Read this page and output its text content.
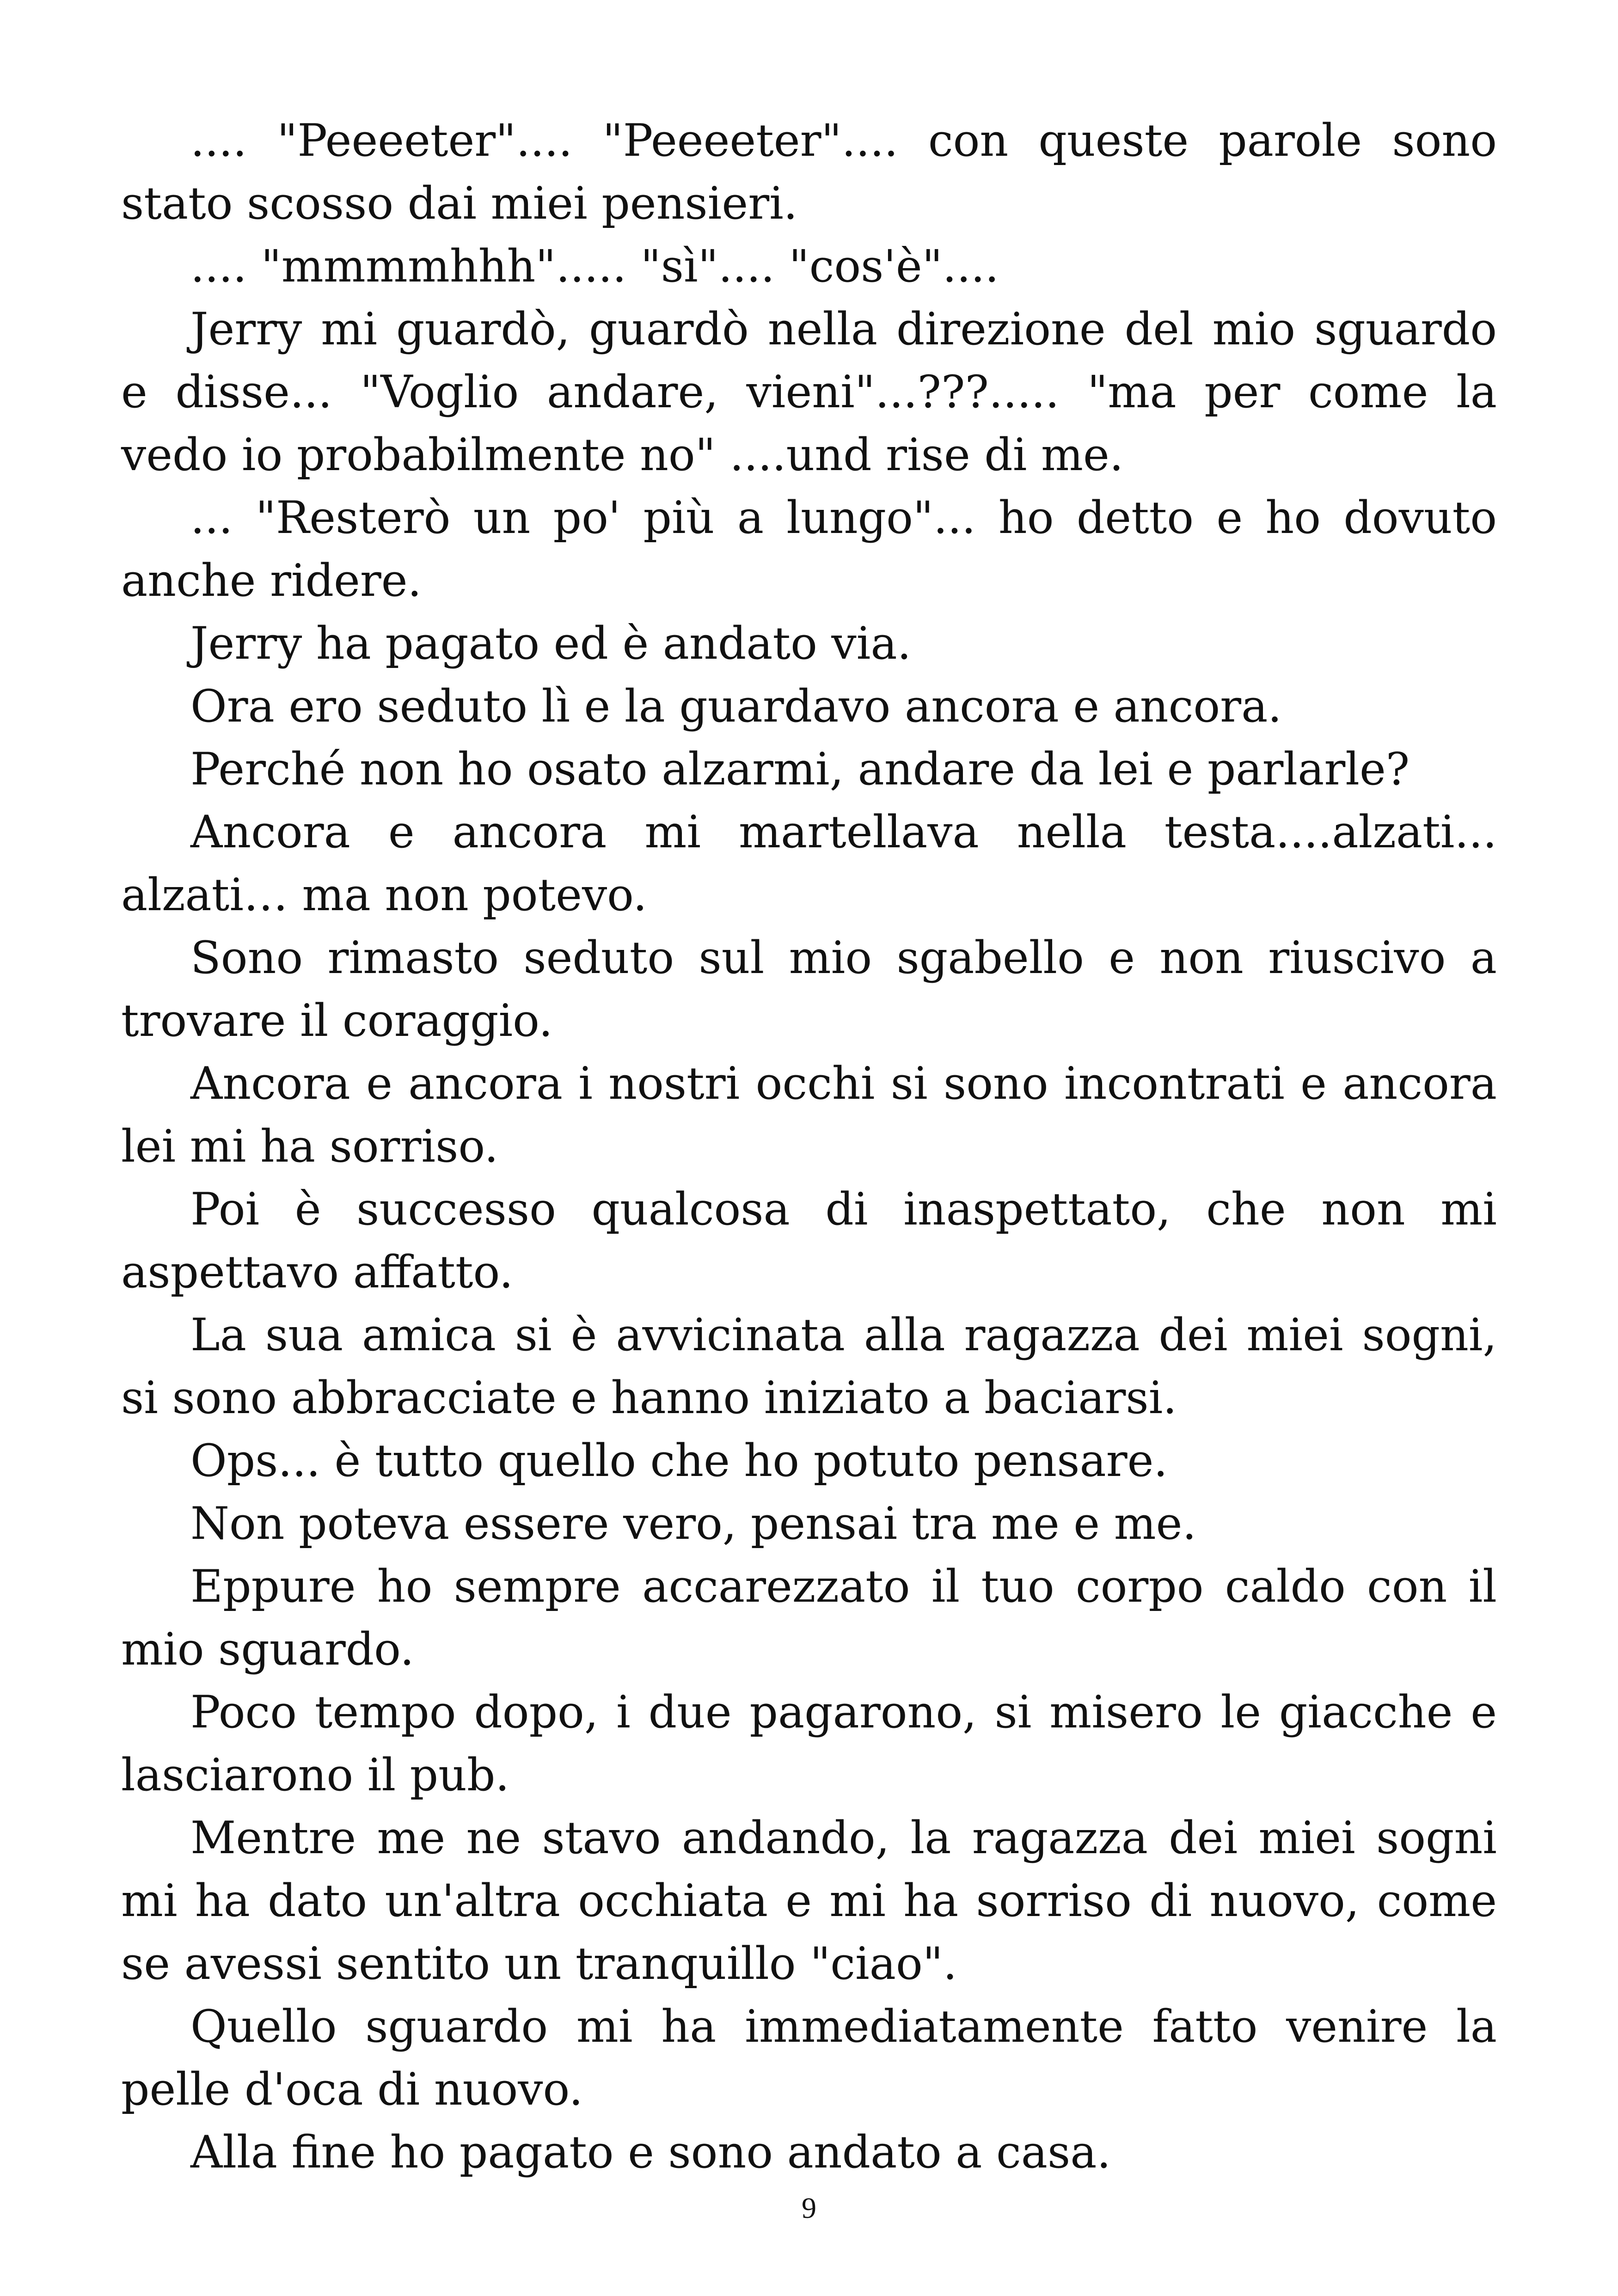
.... "Peeeeter".... "Peeeeter".... con queste parole sono stato scosso dai miei pensieri.

.... "mmmmhhh"..... "sì".... "cos'è"....

Jerry mi guardò, guardò nella direzione del mio sguardo e disse... "Voglio andare, vieni"...???..... "ma per come la vedo io probabilmente no" ....und rise di me.

... "Resterò un po' più a lungo"... ho detto e ho dovuto anche ridere.

Jerry ha pagato ed è andato via.

Ora ero seduto lì e la guardavo ancora e ancora.

Perché non ho osato alzarmi, andare da lei e parlarle?

Ancora e ancora mi martellava nella testa....alzati... alzati… ma non potevo.

Sono rimasto seduto sul mio sgabello e non riuscivo a trovare il coraggio.

Ancora e ancora i nostri occhi si sono incontrati e ancora lei mi ha sorriso.

Poi è successo qualcosa di inaspettato, che non mi aspettavo affatto.

La sua amica si è avvicinata alla ragazza dei miei sogni, si sono abbracciate e hanno iniziato a baciarsi.

Ops... è tutto quello che ho potuto pensare.

Non poteva essere vero, pensai tra me e me.

Eppure ho sempre accarezzato il tuo corpo caldo con il mio sguardo.

Poco tempo dopo, i due pagarono, si misero le giacche e lasciarono il pub.

Mentre me ne stavo andando, la ragazza dei miei sogni mi ha dato un'altra occhiata e mi ha sorriso di nuovo, come se avessi sentito un tranquillo "ciao".

Quello sguardo mi ha immediatamente fatto venire la pelle d'oca di nuovo.

Alla fine ho pagato e sono andato a casa.

9
